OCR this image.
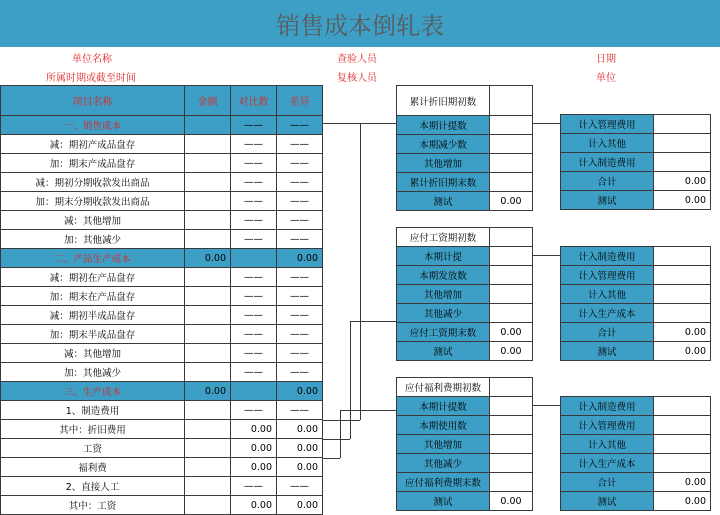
销售成本倒轧表
单位名称
所属时期或截至时间
查验人员
复核人员
日期
单位
项目名称	金额	对比数	差异
一、销售成本		——	——
减：期初产成品盘存		——	——
加：期末产成品盘存		——	——
减：期初分期收款发出商品		——	——
加：期末分期收款发出商品		——	——
减：其他增加		——	——
加：其他减少		——	——
二、产品生产成本	0.00		0.00
减：期初在产品盘存		——	——
加：期末在产品盘存		——	——
减：期初半成品盘存		——	——
加：期末半成品盘存		——	——
减：其他增加		——	——
加：其他减少		——	——
三、生产成本	0.00		0.00
1、制造费用		——	——
其中：折旧费用		0.00	0.00
工资		0.00	0.00
福利费		0.00	0.00
2、直接人工		——	——
其中：工资		0.00	0.00
累计折旧期初数	
本期计提数	
本期减少数	
其他增加	
累计折旧期末数	
测试	0.00
计入管理费用	
计入其他	
计入制造费用	
合计	0.00
测试	0.00
应付工资期初数	
本期计提	
本期发放数	
其他增加	
其他减少	
应付工资期末数	0.00
测试	0.00
计入制造费用	
计入管理费用	
计入其他	
计入生产成本	
合计	0.00
测试	0.00
应付福利费期初数	
本期计提数	
本期使用数	
其他增加	
其他减少	
应付福利费期末数	
测试	0.00
计入制造费用	
计入管理费用	
计入其他	
计入生产成本	
合计	0.00
测试	0.00
